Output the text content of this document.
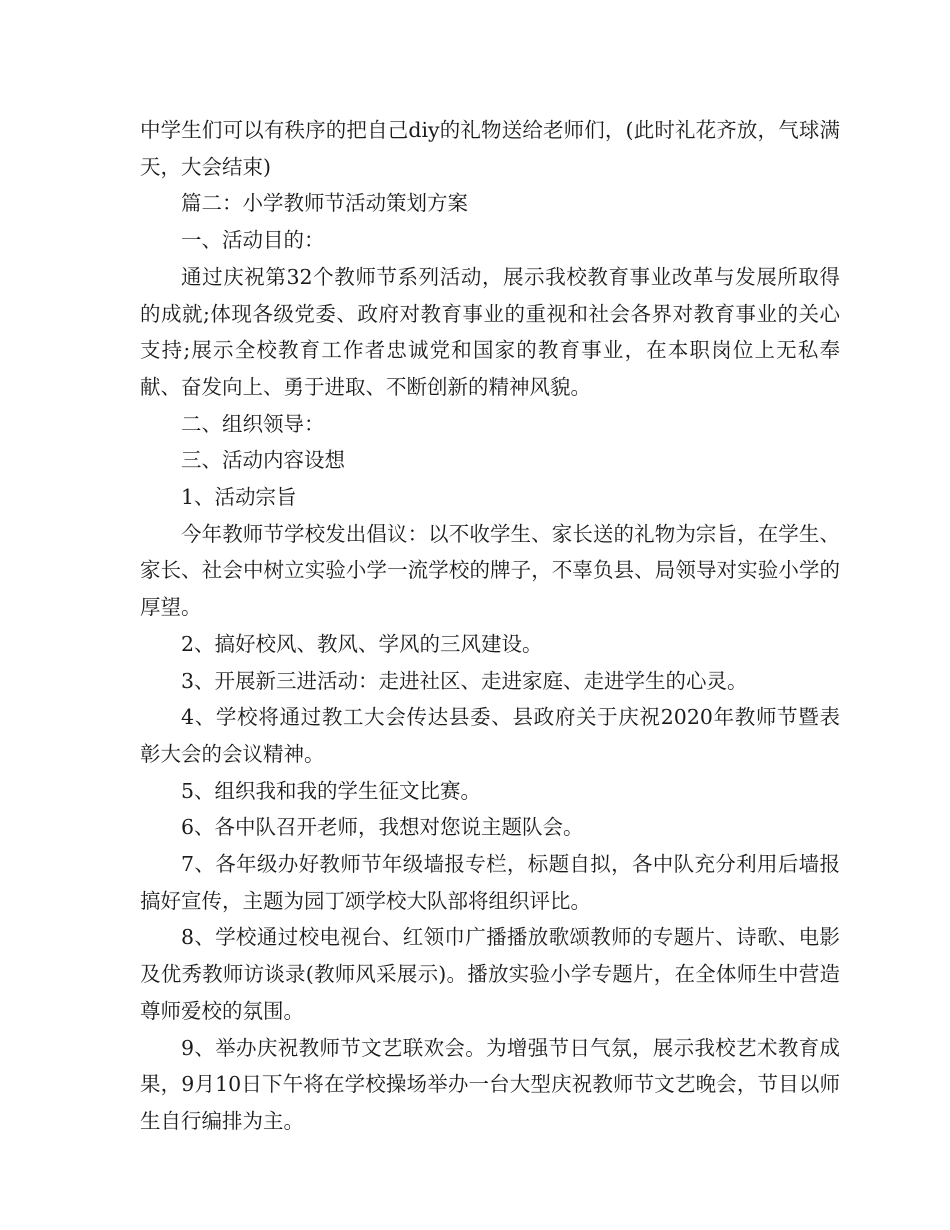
中学生们可以有秩序的把自己diy的礼物送给老师们，(此时礼花齐放，气球满天，大会结束)

篇二：小学教师节活动策划方案

一、活动目的：

通过庆祝第32个教师节系列活动，展示我校教育事业改革与发展所取得的成就;体现各级党委、政府对教育事业的重视和社会各界对教育事业的关心支持;展示全校教育工作者忠诚党和国家的教育事业，在本职岗位上无私奉献、奋发向上、勇于进取、不断创新的精神风貌。

二、组织领导：

三、活动内容设想

1、活动宗旨

今年教师节学校发出倡议：以不收学生、家长送的礼物为宗旨，在学生、家长、社会中树立实验小学一流学校的牌子，不辜负县、局领导对实验小学的厚望。

2、搞好校风、教风、学风的三风建设。

3、开展新三进活动：走进社区、走进家庭、走进学生的心灵。

4、学校将通过教工大会传达县委、县政府关于庆祝2020年教师节暨表彰大会的会议精神。

5、组织我和我的学生征文比赛。

6、各中队召开老师，我想对您说主题队会。

7、各年级办好教师节年级墙报专栏，标题自拟，各中队充分利用后墙报搞好宣传，主题为园丁颂学校大队部将组织评比。

8、学校通过校电视台、红领巾广播播放歌颂教师的专题片、诗歌、电影及优秀教师访谈录(教师风采展示)。播放实验小学专题片，在全体师生中营造尊师爱校的氛围。

9、举办庆祝教师节文艺联欢会。为增强节日气氛，展示我校艺术教育成果，9月10日下午将在学校操场举办一台大型庆祝教师节文艺晚会，节目以师生自行编排为主。
